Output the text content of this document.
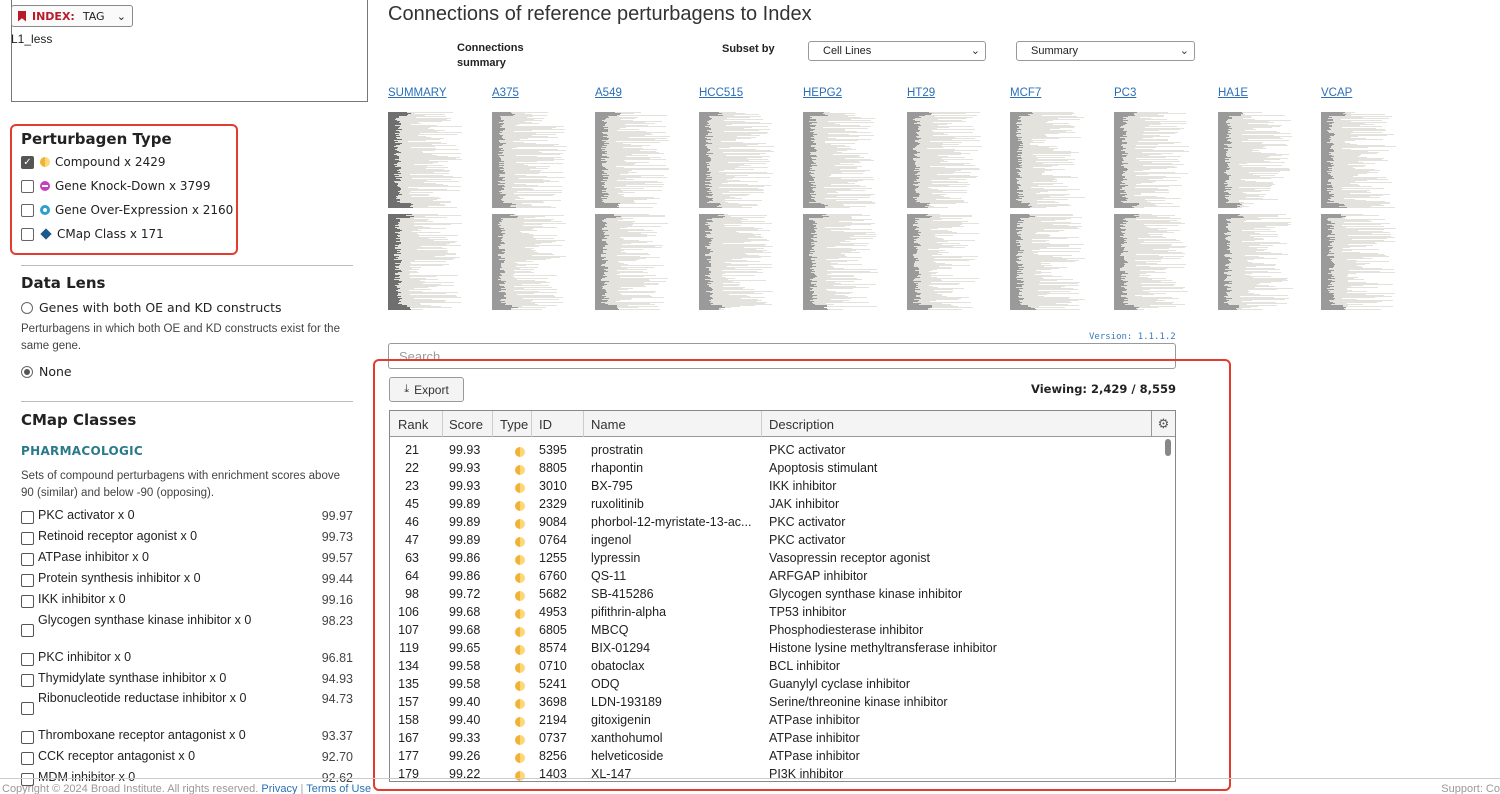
INDEX: TAG ⌄
L1_less
Perturbagen Type
✓ Compound x 2429
Gene Knock-Down x 3799
Gene Over-Expression x 2160
CMap Class x 171
Data Lens
Genes with both OE and KD constructs
Perturbagens in which both OE and KD constructs exist for the same gene.
None
CMap Classes
PHARMACOLOGIC
Sets of compound perturbagens with enrichment scores above 90 (similar) and below -90 (opposing).
PKC activator x 0	99.97
Retinoid receptor agonist x 0	99.73
ATPase inhibitor x 0	99.57
Protein synthesis inhibitor x 0	99.44
IKK inhibitor x 0	99.16
Glycogen synthase kinase inhibitor x 0	98.23
PKC inhibitor x 0	96.81
Thymidylate synthase inhibitor x 0	94.93
Ribonucleotide reductase inhibitor x 0	94.73
Thromboxane receptor antagonist x 0	93.37
CCK receptor antagonist x 0	92.70
MDM inhibitor x 0	92.62
Connections of reference perturbagens to Index
Connections
summary
Subset by	Cell Lines	⌄	Summary	⌄
SUMMARY	A375	A549	HCC515	HEPG2	HT29	MCF7	PC3	HA1E	VCAP
Version: 1.1.1.2
Search
⤓ Export	Viewing: 2,429 / 8,559
Rank Score Type ID	Name	Description	⚙
21 99.93	5395 prostratin	PKC activator
22 99.93	8805 rhapontin	Apoptosis stimulant
23 99.93	3010 BX-795	IKK inhibitor
45 99.89	2329 ruxolitinib	JAK inhibitor
46 99.89	9084 phorbol-12-myristate-13-ac...	PKC activator
47 99.89	0764 ingenol	PKC activator
63 99.86	1255 lypressin	Vasopressin receptor agonist
64 99.86	6760 QS-11	ARFGAP inhibitor
98 99.72	5682 SB-415286	Glycogen synthase kinase inhibitor
106 99.68	4953 pifithrin-alpha	TP53 inhibitor
107 99.68	6805 MBCQ	Phosphodiesterase inhibitor
119 99.65	8574 BIX-01294	Histone lysine methyltransferase inhibitor
134 99.58	0710 obatoclax	BCL inhibitor
135 99.58	5241 ODQ	Guanylyl cyclase inhibitor
157 99.40	3698 LDN-193189	Serine/threonine kinase inhibitor
158 99.40	2194 gitoxigenin	ATPase inhibitor
167 99.33	0737 xanthohumol	ATPase inhibitor
177 99.26	8256 helveticoside	ATPase inhibitor
179 99.22	1403 XL-147	PI3K inhibitor
Copyright © 2024 Broad Institute. All rights reserved. Privacy | Terms of Use	Support: Co
